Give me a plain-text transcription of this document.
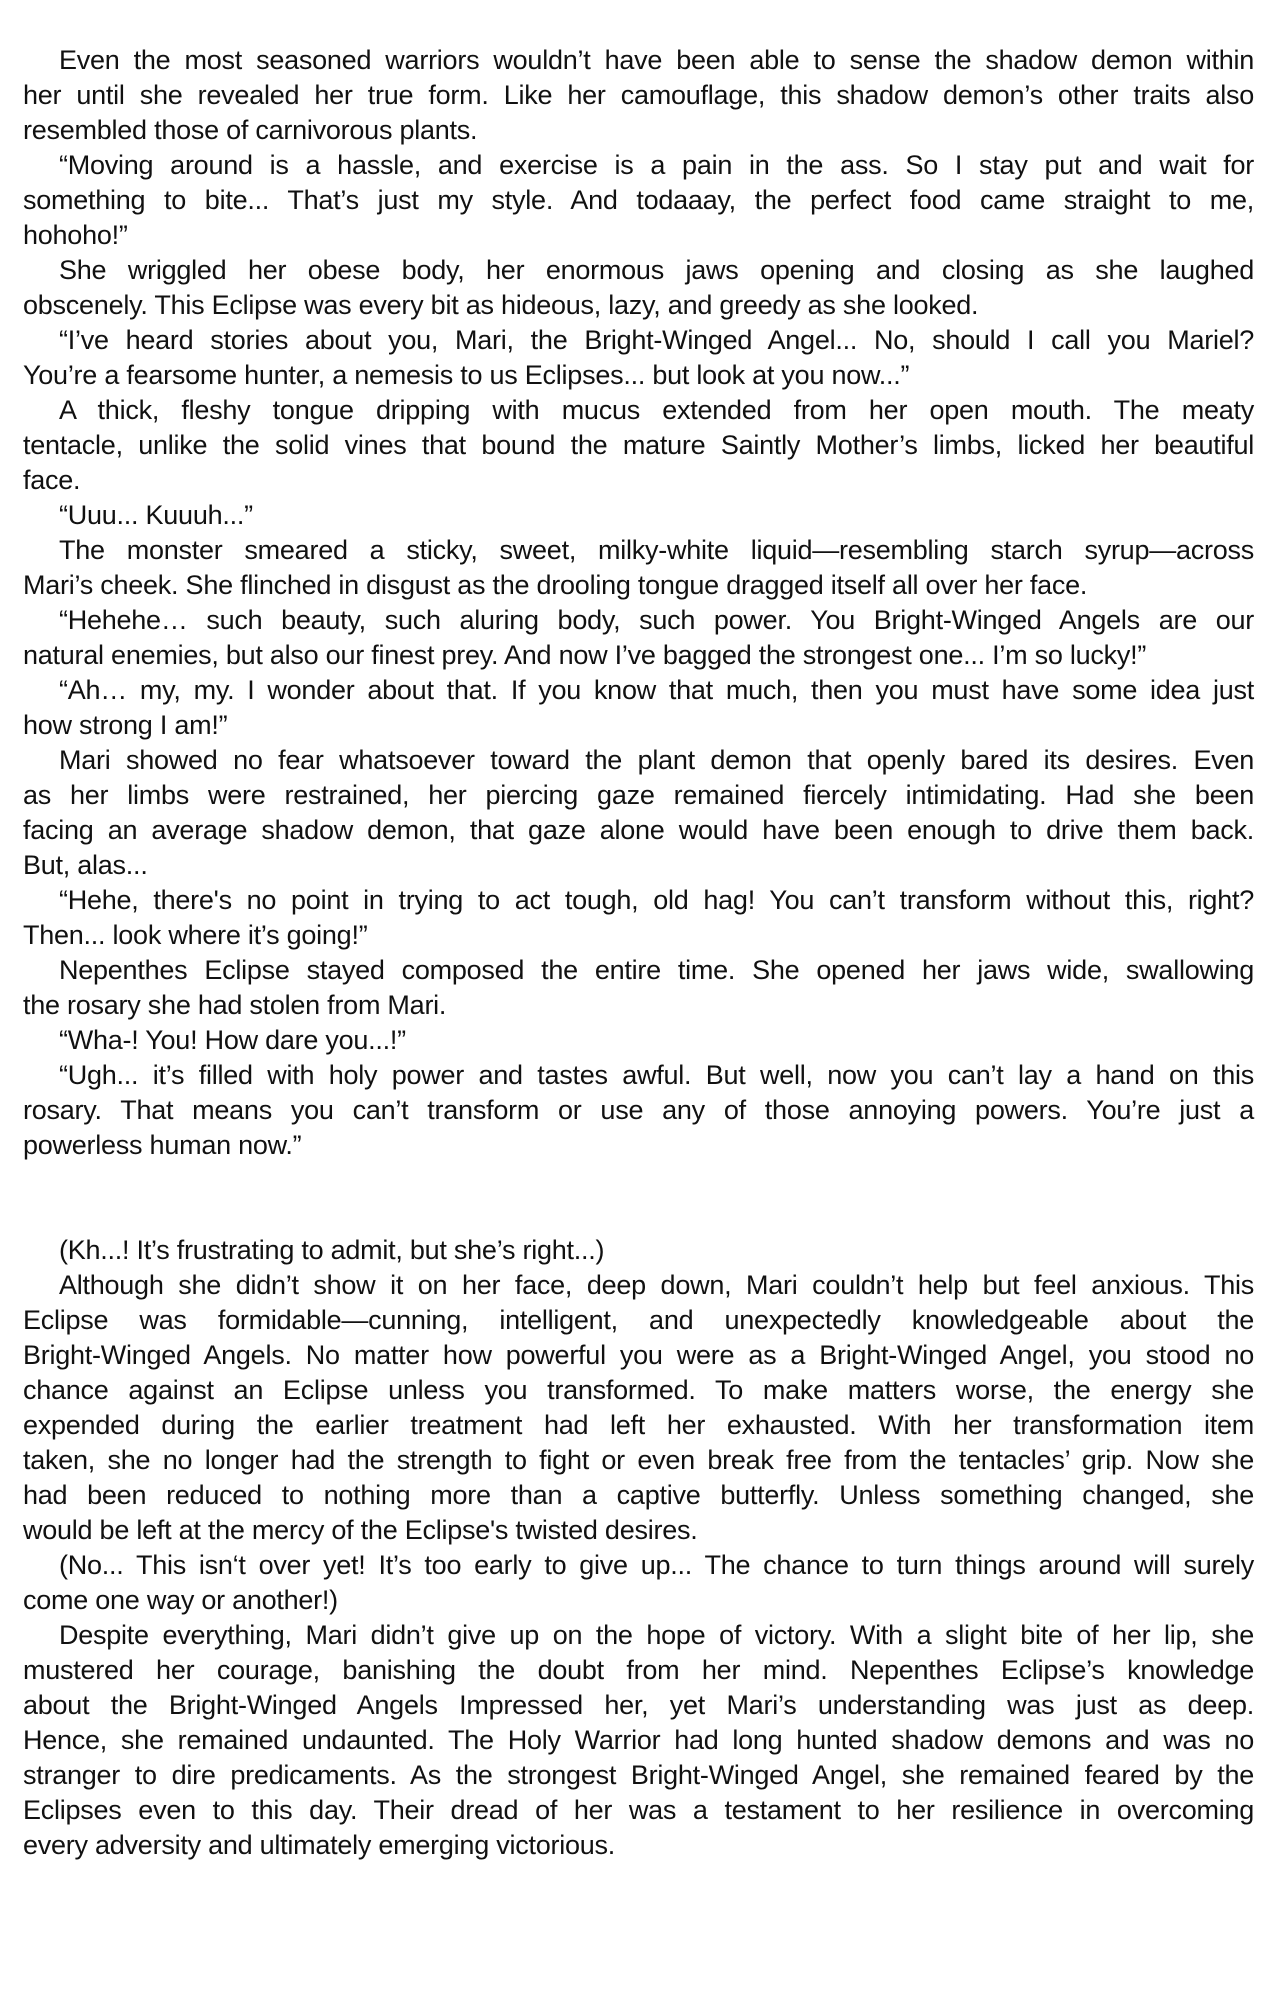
Even the most seasoned warriors wouldn’t have been able to sense the shadow demon within
her until she revealed her true form. Like her camouflage, this shadow demon’s other traits also
resembled those of carnivorous plants.
“Moving around is a hassle, and exercise is a pain in the ass. So I stay put and wait for
something to bite... That’s just my style. And todaaay, the perfect food came straight to me,
hohoho!”
She wriggled her obese body, her enormous jaws opening and closing as she laughed
obscenely. This Eclipse was every bit as hideous, lazy, and greedy as she looked.
“I’ve heard stories about you, Mari, the Bright-Winged Angel... No, should I call you Mariel?
You’re a fearsome hunter, a nemesis to us Eclipses... but look at you now...”
A thick, fleshy tongue dripping with mucus extended from her open mouth. The meaty
tentacle, unlike the solid vines that bound the mature Saintly Mother’s limbs, licked her beautiful
face.
“Uuu... Kuuuh...”
The monster smeared a sticky, sweet, milky-white liquid—resembling starch syrup—across
Mari’s cheek. She flinched in disgust as the drooling tongue dragged itself all over her face.
“Hehehe… such beauty, such aluring body, such power. You Bright-Winged Angels are our
natural enemies, but also our finest prey. And now I’ve bagged the strongest one... I’m so lucky!”
“Ah… my, my. I wonder about that. If you know that much, then you must have some idea just
how strong I am!”
Mari showed no fear whatsoever toward the plant demon that openly bared its desires. Even
as her limbs were restrained, her piercing gaze remained fiercely intimidating. Had she been
facing an average shadow demon, that gaze alone would have been enough to drive them back.
But, alas...
“Hehe, there's no point in trying to act tough, old hag! You can’t transform without this, right?
Then... look where it’s going!”
Nepenthes Eclipse stayed composed the entire time. She opened her jaws wide, swallowing
the rosary she had stolen from Mari.
“Wha-! You! How dare you...!”
“Ugh... it’s filled with holy power and tastes awful. But well, now you can’t lay a hand on this
rosary. That means you can’t transform or use any of those annoying powers. You’re just a
powerless human now.”
(Kh...! It’s frustrating to admit, but she’s right...)
Although she didn’t show it on her face, deep down, Mari couldn’t help but feel anxious. This
Eclipse was formidable—cunning, intelligent, and unexpectedly knowledgeable about the
Bright-Winged Angels. No matter how powerful you were as a Bright-Winged Angel, you stood no
chance against an Eclipse unless you transformed. To make matters worse, the energy she
expended during the earlier treatment had left her exhausted. With her transformation item
taken, she no longer had the strength to fight or even break free from the tentacles’ grip. Now she
had been reduced to nothing more than a captive butterfly. Unless something changed, she
would be left at the mercy of the Eclipse's twisted desires.
(No... This isn‘t over yet! It’s too early to give up... The chance to turn things around will surely
come one way or another!)
Despite everything, Mari didn’t give up on the hope of victory. With a slight bite of her lip, she
mustered her courage, banishing the doubt from her mind. Nepenthes Eclipse’s knowledge
about the Bright-Winged Angels Impressed her, yet Mari’s understanding was just as deep.
Hence, she remained undaunted. The Holy Warrior had long hunted shadow demons and was no
stranger to dire predicaments. As the strongest Bright-Winged Angel, she remained feared by the
Eclipses even to this day. Their dread of her was a testament to her resilience in overcoming
every adversity and ultimately emerging victorious.
